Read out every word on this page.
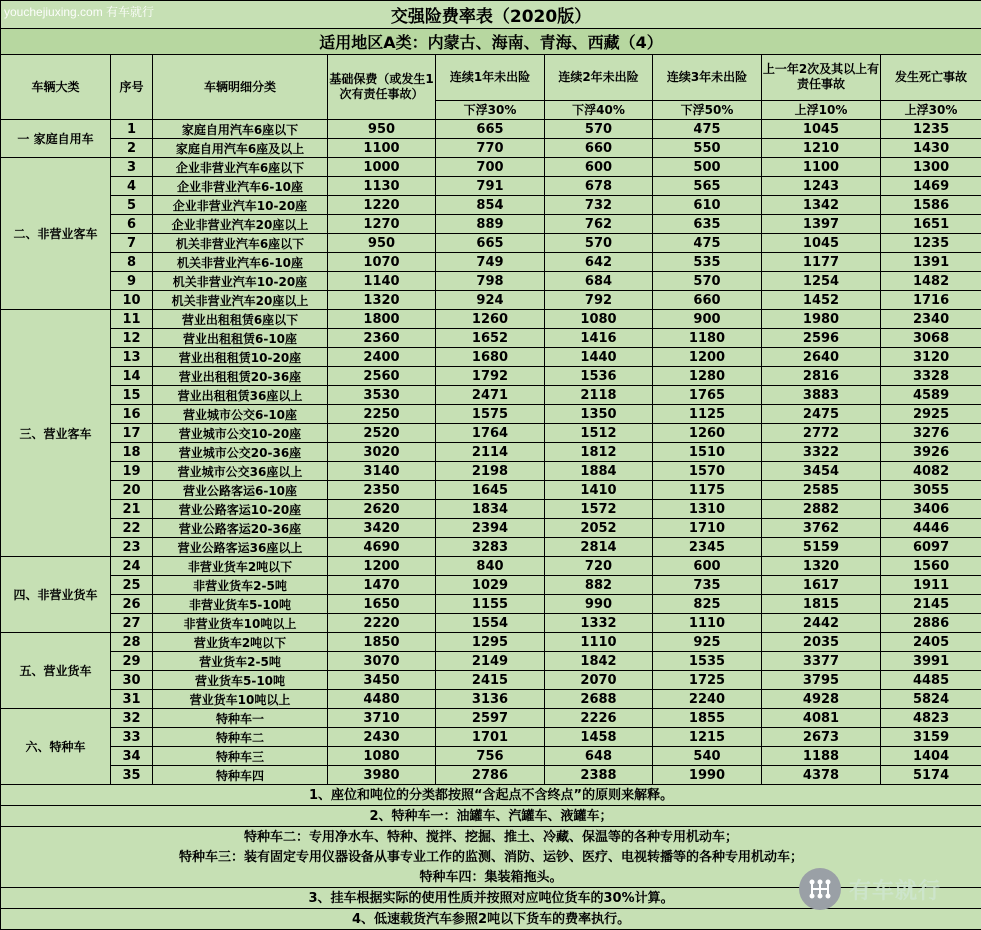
youchejiuxing.com 有车就行	交强险费率表（2020版）								
适用地区A类：内蒙古、海南、青海、西藏（4）								
车辆大类	序号	车辆明细分类	基础保费（或发生1次有责任事故）	连续1年未出险	连续2年未出险	连续3年未出险	上一年2次及其以上有责任事故	发生死亡事故
				下浮30%	下浮40%	下浮50%	上浮10%	上浮30%
一 家庭自用车	1	家庭自用汽车6座以下	950	665	570	475	1045	1235
	2	家庭自用汽车6座及以上	1100	770	660	550	1210	1430
二、非营业客车	3	企业非营业汽车6座以下	1000	700	600	500	1100	1300
	4	企业非营业汽车6-10座	1130	791	678	565	1243	1469
	5	企业非营业汽车10-20座	1220	854	732	610	1342	1586
	6	企业非营业汽车20座以上	1270	889	762	635	1397	1651
	7	机关非营业汽车6座以下	950	665	570	475	1045	1235
	8	机关非营业汽车6-10座	1070	749	642	535	1177	1391
	9	机关非营业汽车10-20座	1140	798	684	570	1254	1482
	10	机关非营业汽车20座以上	1320	924	792	660	1452	1716
三、营业客车	11	营业出租租赁6座以下	1800	1260	1080	900	1980	2340
	12	营业出租租赁6-10座	2360	1652	1416	1180	2596	3068
	13	营业出租租赁10-20座	2400	1680	1440	1200	2640	3120
	14	营业出租租赁20-36座	2560	1792	1536	1280	2816	3328
	15	营业出租租赁36座以上	3530	2471	2118	1765	3883	4589
	16	营业城市公交6-10座	2250	1575	1350	1125	2475	2925
	17	营业城市公交10-20座	2520	1764	1512	1260	2772	3276
	18	营业城市公交20-36座	3020	2114	1812	1510	3322	3926
	19	营业城市公交36座以上	3140	2198	1884	1570	3454	4082
	20	营业公路客运6-10座	2350	1645	1410	1175	2585	3055
	21	营业公路客运10-20座	2620	1834	1572	1310	2882	3406
	22	营业公路客运20-36座	3420	2394	2052	1710	3762	4446
	23	营业公路客运36座以上	4690	3283	2814	2345	5159	6097
四、非营业货车	24	非营业货车2吨以下	1200	840	720	600	1320	1560
	25	非营业货车2-5吨	1470	1029	882	735	1617	1911
	26	非营业货车5-10吨	1650	1155	990	825	1815	2145
	27	非营业货车10吨以上	2220	1554	1332	1110	2442	2886
五、营业货车	28	营业货车2吨以下	1850	1295	1110	925	2035	2405
	29	营业货车2-5吨	3070	2149	1842	1535	3377	3991
	30	营业货车5-10吨	3450	2415	2070	1725	3795	4485
	31	营业货车10吨以上	4480	3136	2688	2240	4928	5824
六、特种车	32	特种车一	3710	2597	2226	1855	4081	4823
	33	特种车二	2430	1701	1458	1215	2673	3159
	34	特种车三	1080	756	648	540	1188	1404
	35	特种车四	3980	2786	2388	1990	4378	5174
1、座位和吨位的分类都按照“含起点不含终点”的原则来解释。								
2、特种车一：油罐车、汽罐车、液罐车；								
特种车二：专用净水车、特种、搅拌、挖掘、推土、冷藏、保温等的各种专用机动车；								
特种车三：装有固定专用仪器设备从事专业工作的监测、消防、运钞、医疗、电视转播等的各种专用机动车；								
特种车四：集装箱拖头。								
3、挂车根据实际的使用性质并按照对应吨位货车的30%计算。								
4、低速载货汽车参照2吨以下货车的费率执行。								
有车就行
